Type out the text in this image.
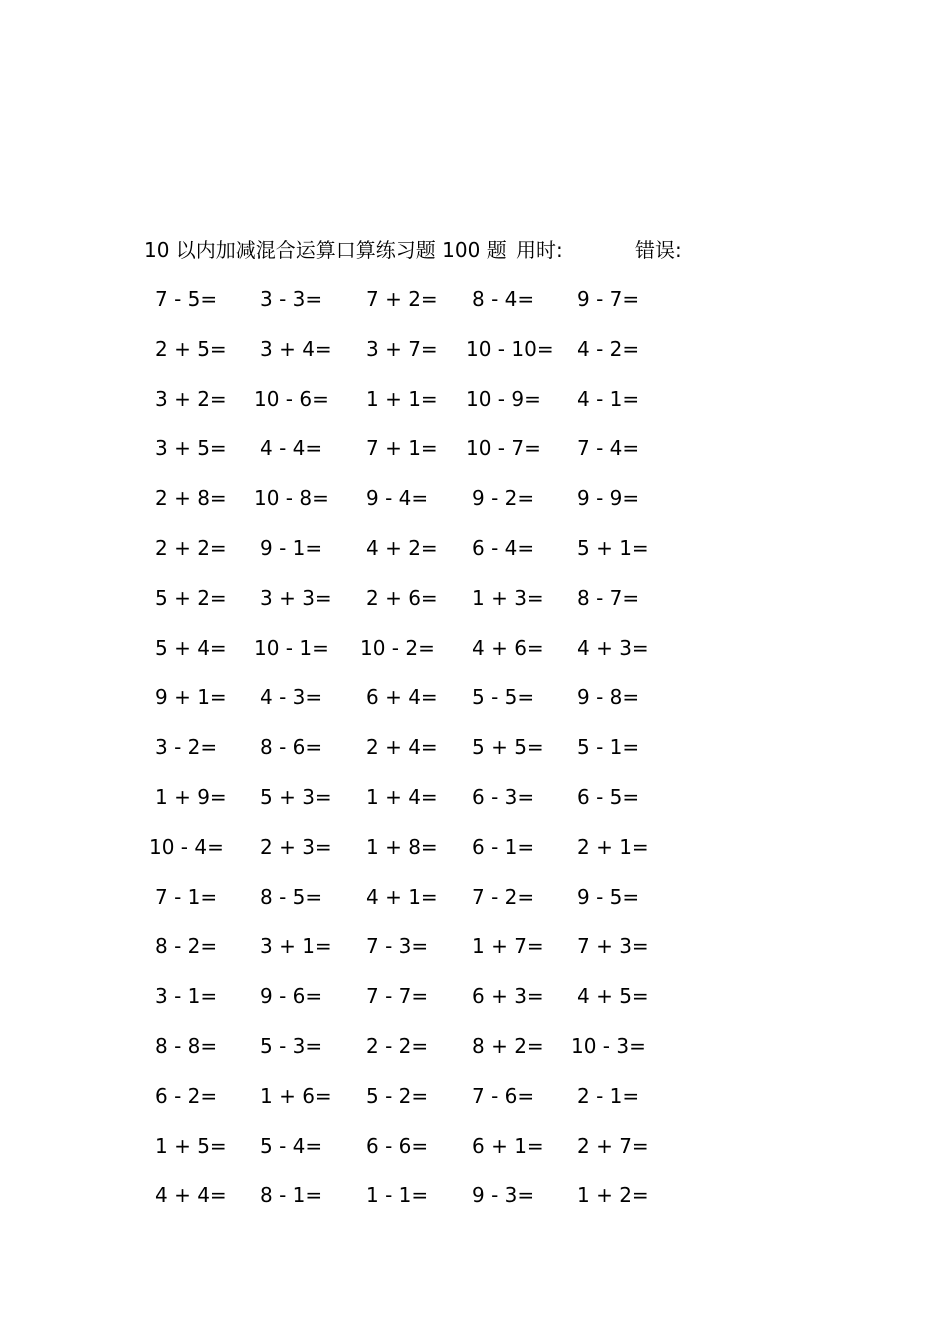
10 以内加减混合运算口算练习题 100 题 用时:	错误:
7 - 5= 3 - 3= 7 + 2= 8 - 4= 9 - 7=
2 + 5= 3 + 4= 3 + 7= 10 - 10= 4 - 2=
3 + 2= 10 - 6= 1 + 1= 10 - 9= 4 - 1=
3 + 5= 4 - 4= 7 + 1= 10 - 7= 7 - 4=
2 + 8= 10 - 8= 9 - 4= 9 - 2= 9 - 9=
2 + 2= 9 - 1= 4 + 2= 6 - 4= 5 + 1=
5 + 2= 3 + 3= 2 + 6= 1 + 3= 8 - 7=
5 + 4= 10 - 1= 10 - 2= 4 + 6= 4 + 3=
9 + 1= 4 - 3= 6 + 4= 5 - 5= 9 - 8=
3 - 2= 8 - 6= 2 + 4= 5 + 5= 5 - 1=
1 + 9= 5 + 3= 1 + 4= 6 - 3= 6 - 5=
10 - 4= 2 + 3= 1 + 8= 6 - 1= 2 + 1=
7 - 1= 8 - 5= 4 + 1= 7 - 2= 9 - 5=
8 - 2= 3 + 1= 7 - 3= 1 + 7= 7 + 3=
3 - 1= 9 - 6= 7 - 7= 6 + 3= 4 + 5=
8 - 8= 5 - 3= 2 - 2= 8 + 2= 10 - 3=
6 - 2= 1 + 6= 5 - 2= 7 - 6= 2 - 1=
1 + 5= 5 - 4= 6 - 6= 6 + 1= 2 + 7=
4 + 4= 8 - 1= 1 - 1= 9 - 3= 1 + 2=
